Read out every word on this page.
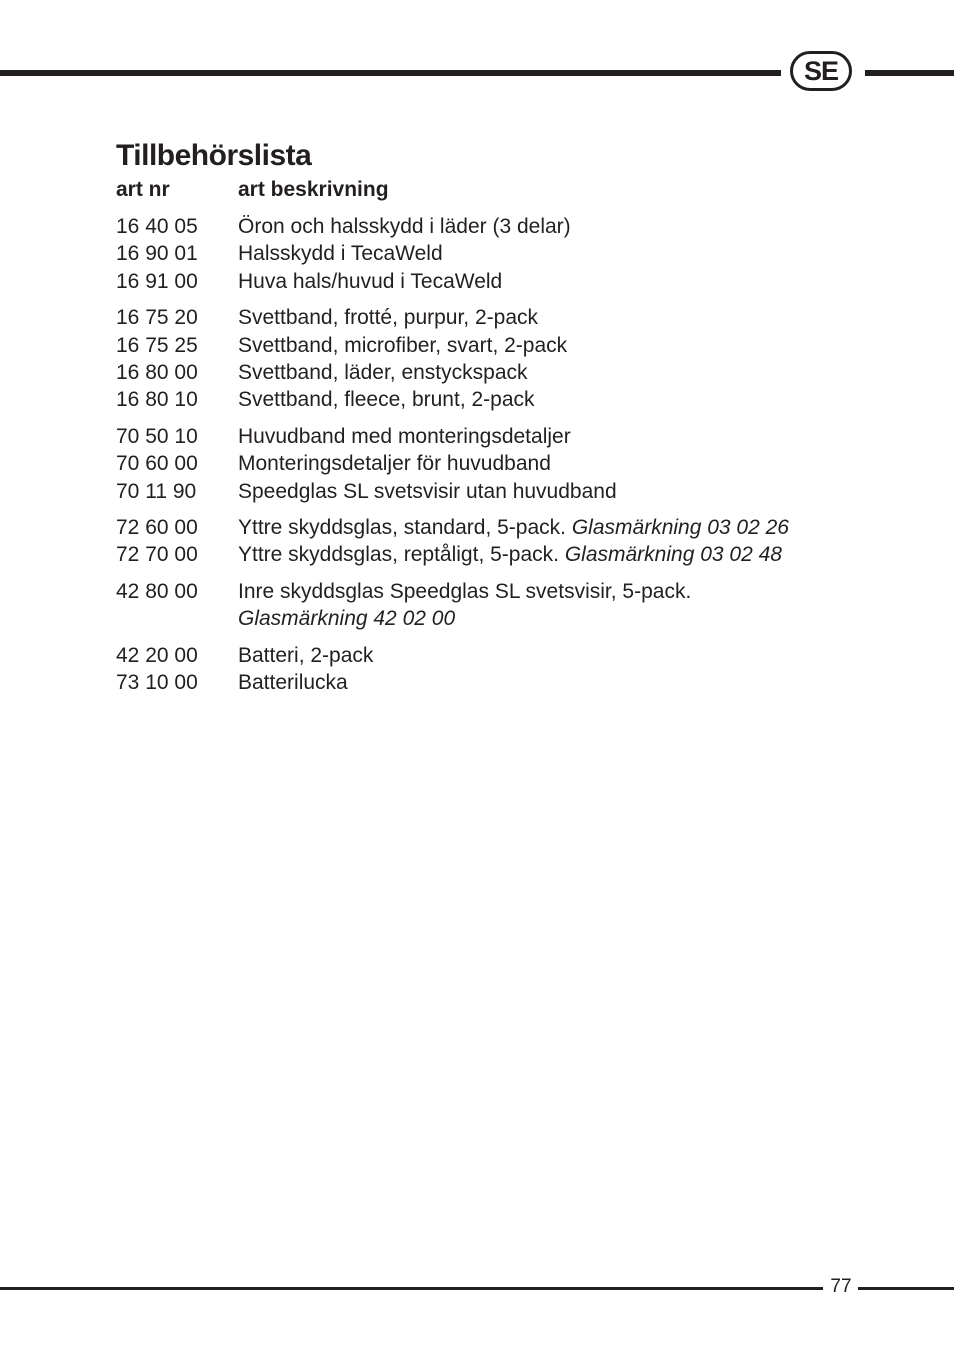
SE
Tillbehörslista
art nr	art beskrivning
16 40 05	Öron och halsskydd i läder (3 delar)
16 90 01	Halsskydd i TecaWeld
16 91 00	Huva hals/huvud i TecaWeld
16 75 20	Svettband, frotté, purpur, 2-pack
16 75 25	Svettband, microfiber, svart, 2-pack
16 80 00	Svettband, läder, enstyckspack
16 80 10	Svettband, fleece, brunt, 2-pack
70 50 10	Huvudband med monteringsdetaljer
70 60 00	Monteringsdetaljer för huvudband
70 11 90	Speedglas SL svetsvisir utan huvudband
72 60 00	Yttre skyddsglas, standard, 5-pack. Glasmärkning 03 02 26
72 70 00	Yttre skyddsglas, reptåligt, 5-pack. Glasmärkning 03 02 48
42 80 00	Inre skyddsglas Speedglas SL svetsvisir, 5-pack.
Glasmärkning 42 02 00
42 20 00	Batteri, 2-pack
73 10 00	Batterilucka
77
